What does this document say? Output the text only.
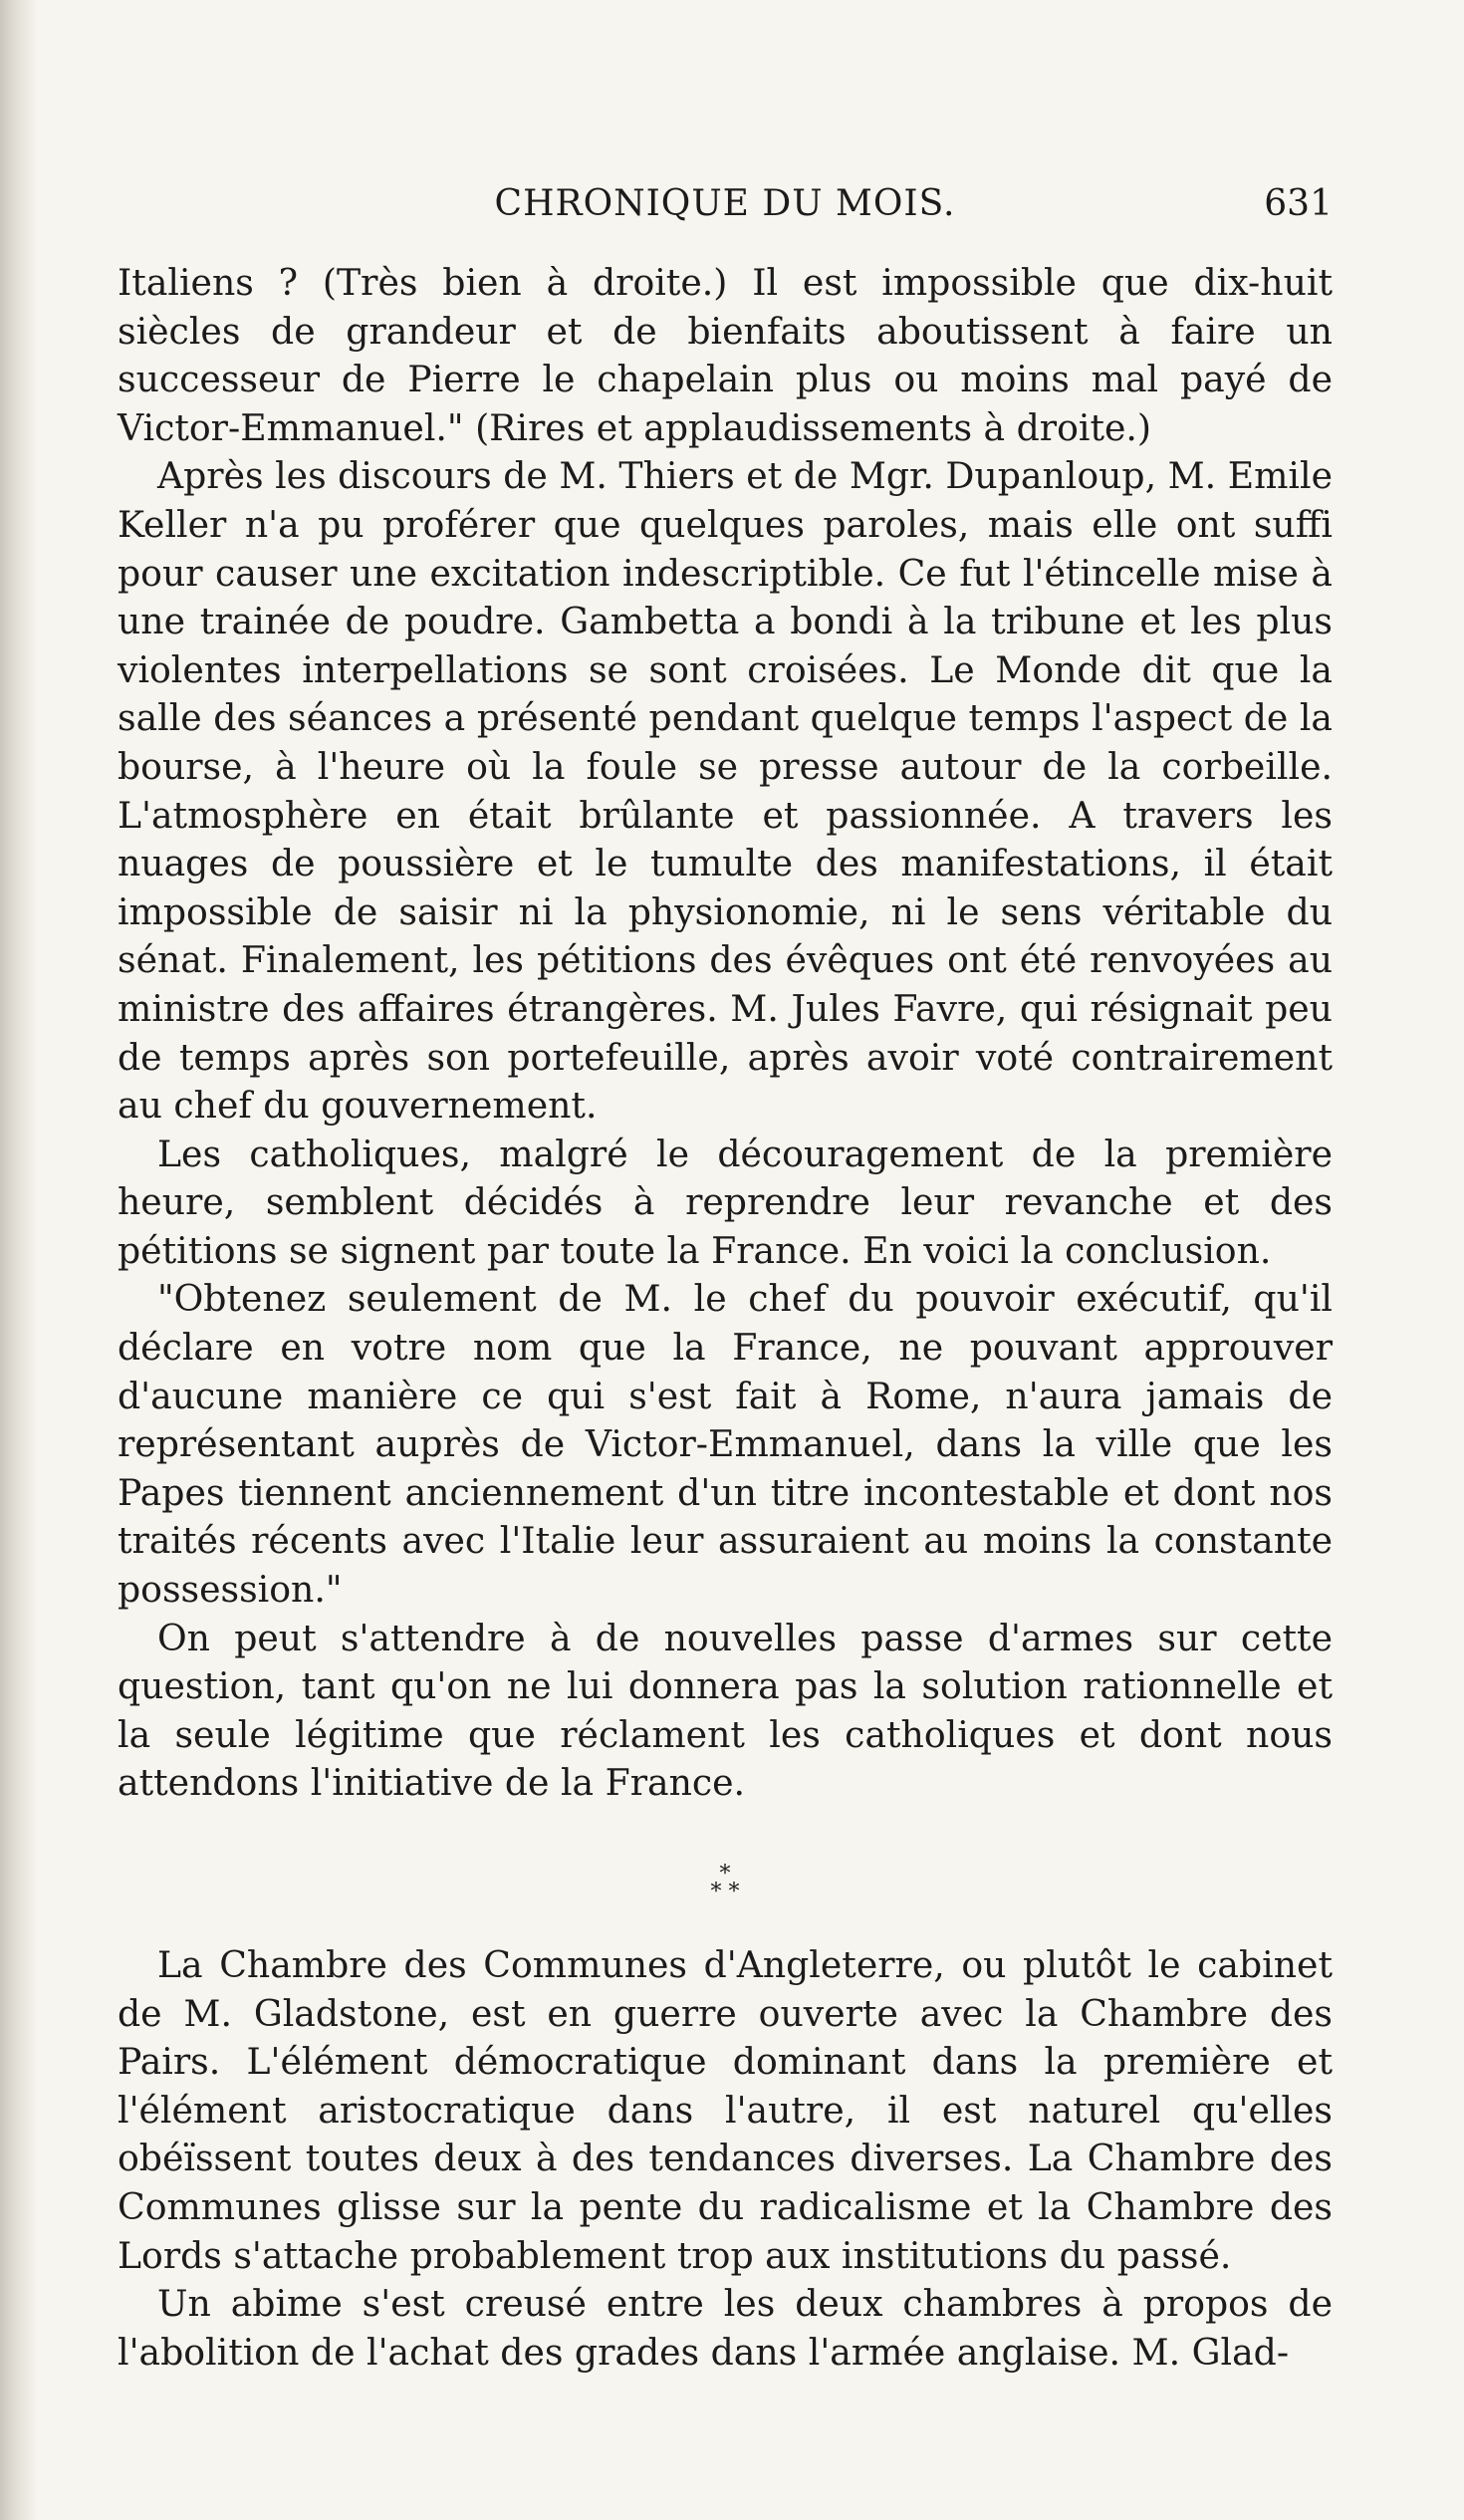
CHRONIQUE DU MOIS.	631

Italiens ? (Très bien à droite.) Il est impossible que dix-huit siècles de grandeur et de bienfaits aboutissent à faire un successeur de Pierre le chapelain plus ou moins mal payé de Victor-Emmanuel." (Rires et applaudissements à droite.)

Après les discours de M. Thiers et de Mgr. Dupanloup, M. Emile Keller n'a pu proférer que quelques paroles, mais elle ont suffi pour causer une excitation indescriptible. Ce fut l'étincelle mise à une trainée de poudre. Gambetta a bondi à la tribune et les plus violentes interpellations se sont croisées. Le Monde dit que la salle des séances a présenté pendant quelque temps l'aspect de la bourse, à l'heure où la foule se presse autour de la corbeille. L'atmosphère en était brûlante et passionnée. A travers les nuages de poussière et le tumulte des manifestations, il était impossible de saisir ni la physionomie, ni le sens véritable du sénat. Finalement, les pétitions des évêques ont été renvoyées au ministre des affaires étrangères. M. Jules Favre, qui résignait peu de temps après son portefeuille, après avoir voté contrairement au chef du gouvernement.

Les catholiques, malgré le découragement de la première heure, semblent décidés à reprendre leur revanche et des pétitions se signent par toute la France. En voici la conclusion.

"Obtenez seulement de M. le chef du pouvoir exécutif, qu'il déclare en votre nom que la France, ne pouvant approuver d'aucune manière ce qui s'est fait à Rome, n'aura jamais de représentant auprès de Victor-Emmanuel, dans la ville que les Papes tiennent anciennement d'un titre incontestable et dont nos traités récents avec l'Italie leur assuraient au moins la constante possession."

On peut s'attendre à de nouvelles passe d'armes sur cette question, tant qu'on ne lui donnera pas la solution rationnelle et la seule légitime que réclament les catholiques et dont nous attendons l'initiative de la France.

*
* *

La Chambre des Communes d'Angleterre, ou plutôt le cabinet de M. Gladstone, est en guerre ouverte avec la Chambre des Pairs. L'élément démocratique dominant dans la première et l'élément aristocratique dans l'autre, il est naturel qu'elles obéïssent toutes deux à des tendances diverses. La Chambre des Communes glisse sur la pente du radicalisme et la Chambre des Lords s'attache probablement trop aux institutions du passé.

Un abime s'est creusé entre les deux chambres à propos de l'abolition de l'achat des grades dans l'armée anglaise. M. Glad-
